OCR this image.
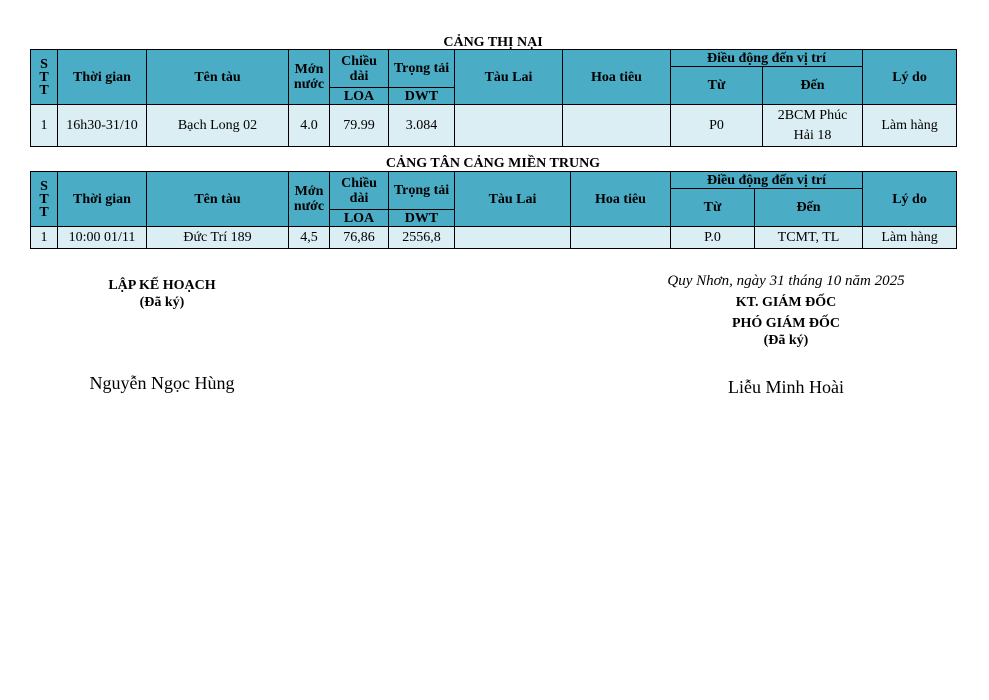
CẢNG THỊ NẠI
S
T
T	Thời gian	Tên tàu	Mớn nước	Chiều dài	Trọng tải	Tàu Lai	Hoa tiêu	Điều động đến vị trí		Lý do
								Từ	Đến	
				LOA	DWT					
1	16h30-31/10	Bạch Long 02	4.0	79.99	3.084			P0	2BCM Phúc Hải 18	Làm hàng
CẢNG TÂN CẢNG MIỀN TRUNG
S
T
T	Thời gian	Tên tàu	Mớn nước	Chiều dài	Trọng tải	Tàu Lai	Hoa tiêu	Điều động đến vị trí		Lý do
								Từ	Đến	
				LOA	DWT					
1	10:00 01/11	Đức Trí 189	4,5	76,86	2556,8			P.0	TCMT, TL	Làm hàng
LẬP KẾ HOẠCH
(Đã ký)
Nguyễn Ngọc Hùng
Quy Nhơn, ngày 31 tháng 10 năm 2025
KT. GIÁM ĐỐC
PHÓ GIÁM ĐỐC
(Đã ký)
Liễu Minh Hoài
